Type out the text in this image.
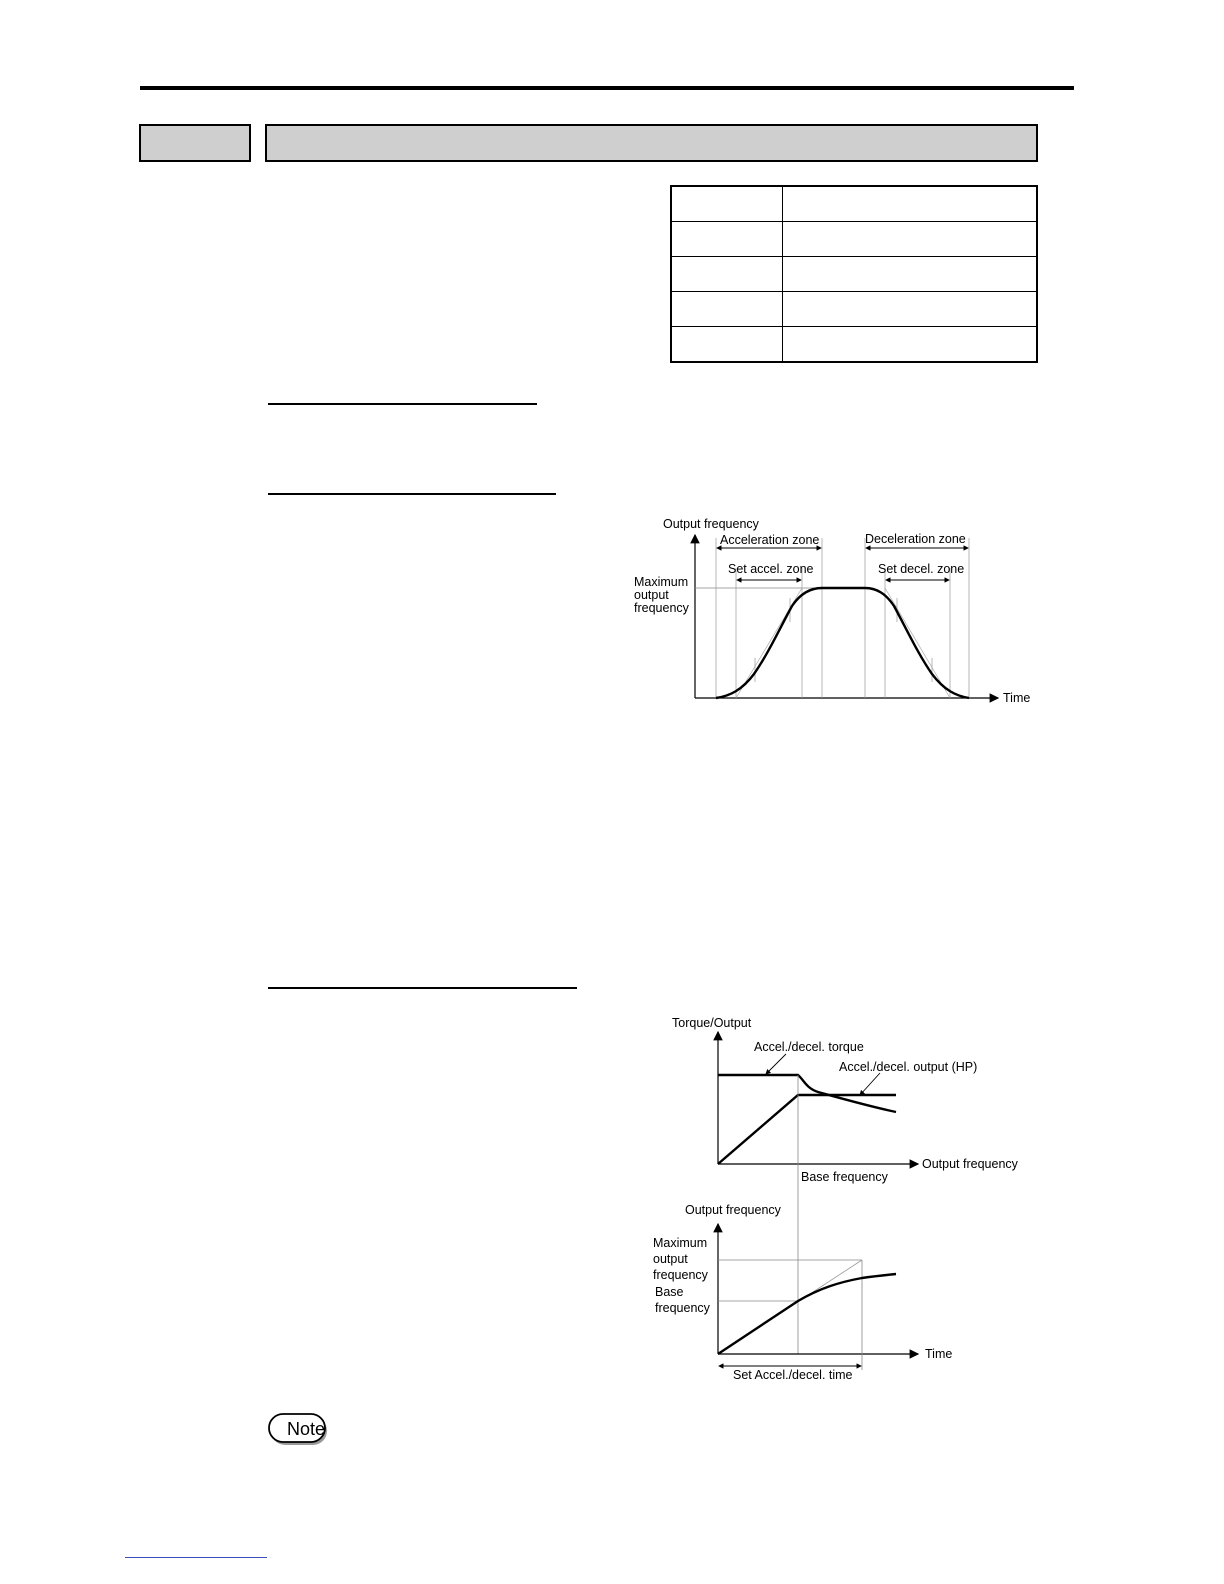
Output frequency
Time
Acceleration zone	Deceleration zone
Set accel. zone	Set decel. zone
Maximum
output
frequency
Torque/Output
Output frequency
Accel./decel. torque
Accel./decel. output (HP)
Base frequency
Output frequency
Time
Maximum
output
frequency
Base
frequency
Set Accel./decel. time
Note
